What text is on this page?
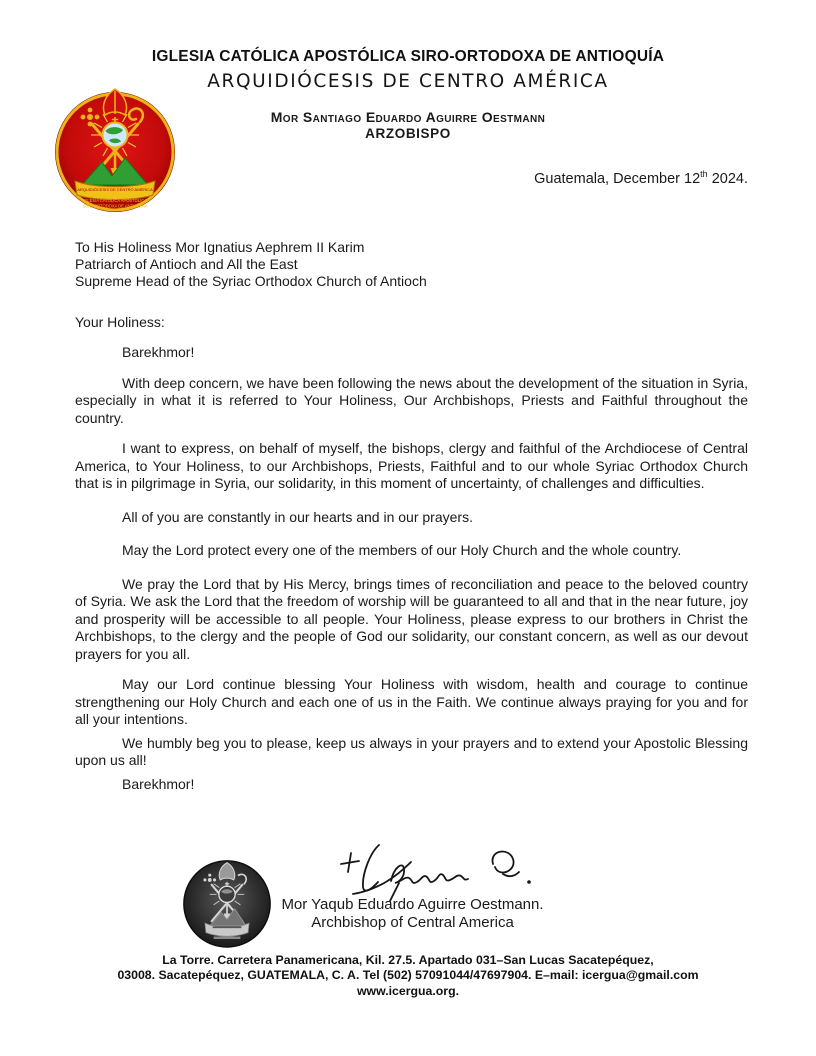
IGLESIA CATÓLICA APOSTÓLICA SIRO-ORTODOXA DE ANTIOQUÍA
ARQUIDIÓCESIS DE CENTRO AMÉRICA
Mor Santiago Eduardo Aguirre Oestmann
ARZOBISPO
ARQUIDIÓCESIS DE CENTRO AMÉRICA
IGLESIA CATÓLICA APOSTÓLICA
SIRO-ORTODOXA DE ANTIOQUÍA
Guatemala, December 12th 2024.

To His Holiness Mor Ignatius Aephrem II Karim

Patriarch of Antioch and All the East

Supreme Head of the Syriac Orthodox Church of Antioch

Your Holiness:

Barekhmor!

With deep concern, we have been following the news about the development of the situation in Syria, especially in what it is referred to Your Holiness, Our Archbishops, Priests and Faithful throughout the country.

I want to express, on behalf of myself, the bishops, clergy and faithful of the Archdiocese of Central America, to Your Holiness, to our Archbishops, Priests, Faithful and to our whole Syriac Orthodox Church that is in pilgrimage in Syria, our solidarity, in this moment of uncertainty, of challenges and difficulties.

All of you are constantly in our hearts and in our prayers.

May the Lord protect every one of the members of our Holy Church and the whole country.

We pray the Lord that by His Mercy, brings times of reconciliation and peace to the beloved country of Syria. We ask the Lord that the freedom of worship will be guaranteed to all and that in the near future, joy and prosperity will be accessible to all people. Your Holiness, please express to our brothers in Christ the Archbishops, to the clergy and the people of God our solidarity, our constant concern, as well as our devout prayers for you all.

May our Lord continue blessing Your Holiness with wisdom, health and courage to continue strengthening our Holy Church and each one of us in the Faith. We continue always praying for you and for all your intentions.

We humbly beg you to please, keep us always in your prayers and to extend your Apostolic Blessing upon us all!

Barekhmor!

Mor Yaqub Eduardo Aguirre Oestmann.
Archbishop of Central America
La Torre. Carretera Panamericana, Kil. 27.5. Apartado 031–San Lucas Sacatepéquez,
03008. Sacatepéquez, GUATEMALA, C. A. Tel (502) 57091044/47697904. E–mail: icergua@gmail.com
www.icergua.org.
